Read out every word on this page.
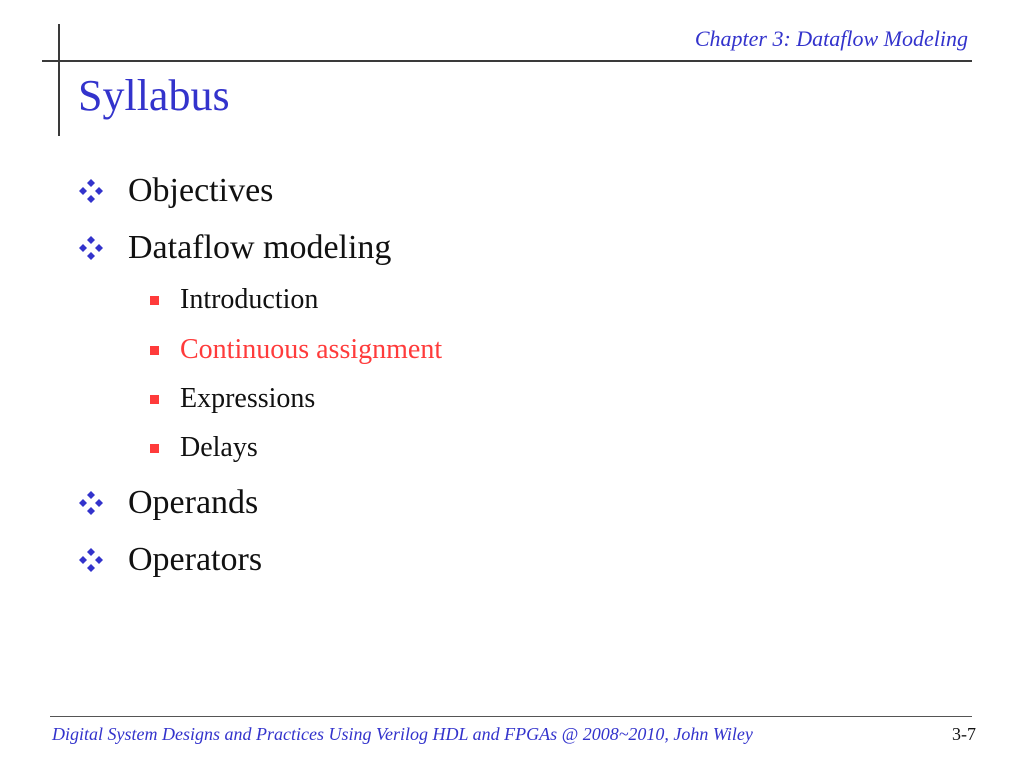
Chapter 3: Dataflow Modeling
Syllabus
Objectives
Dataflow modeling
Introduction
Continuous assignment
Expressions
Delays
Operands
Operators
Digital System Designs and Practices Using Verilog HDL and FPGAs @ 2008~2010, John Wiley	3-7
